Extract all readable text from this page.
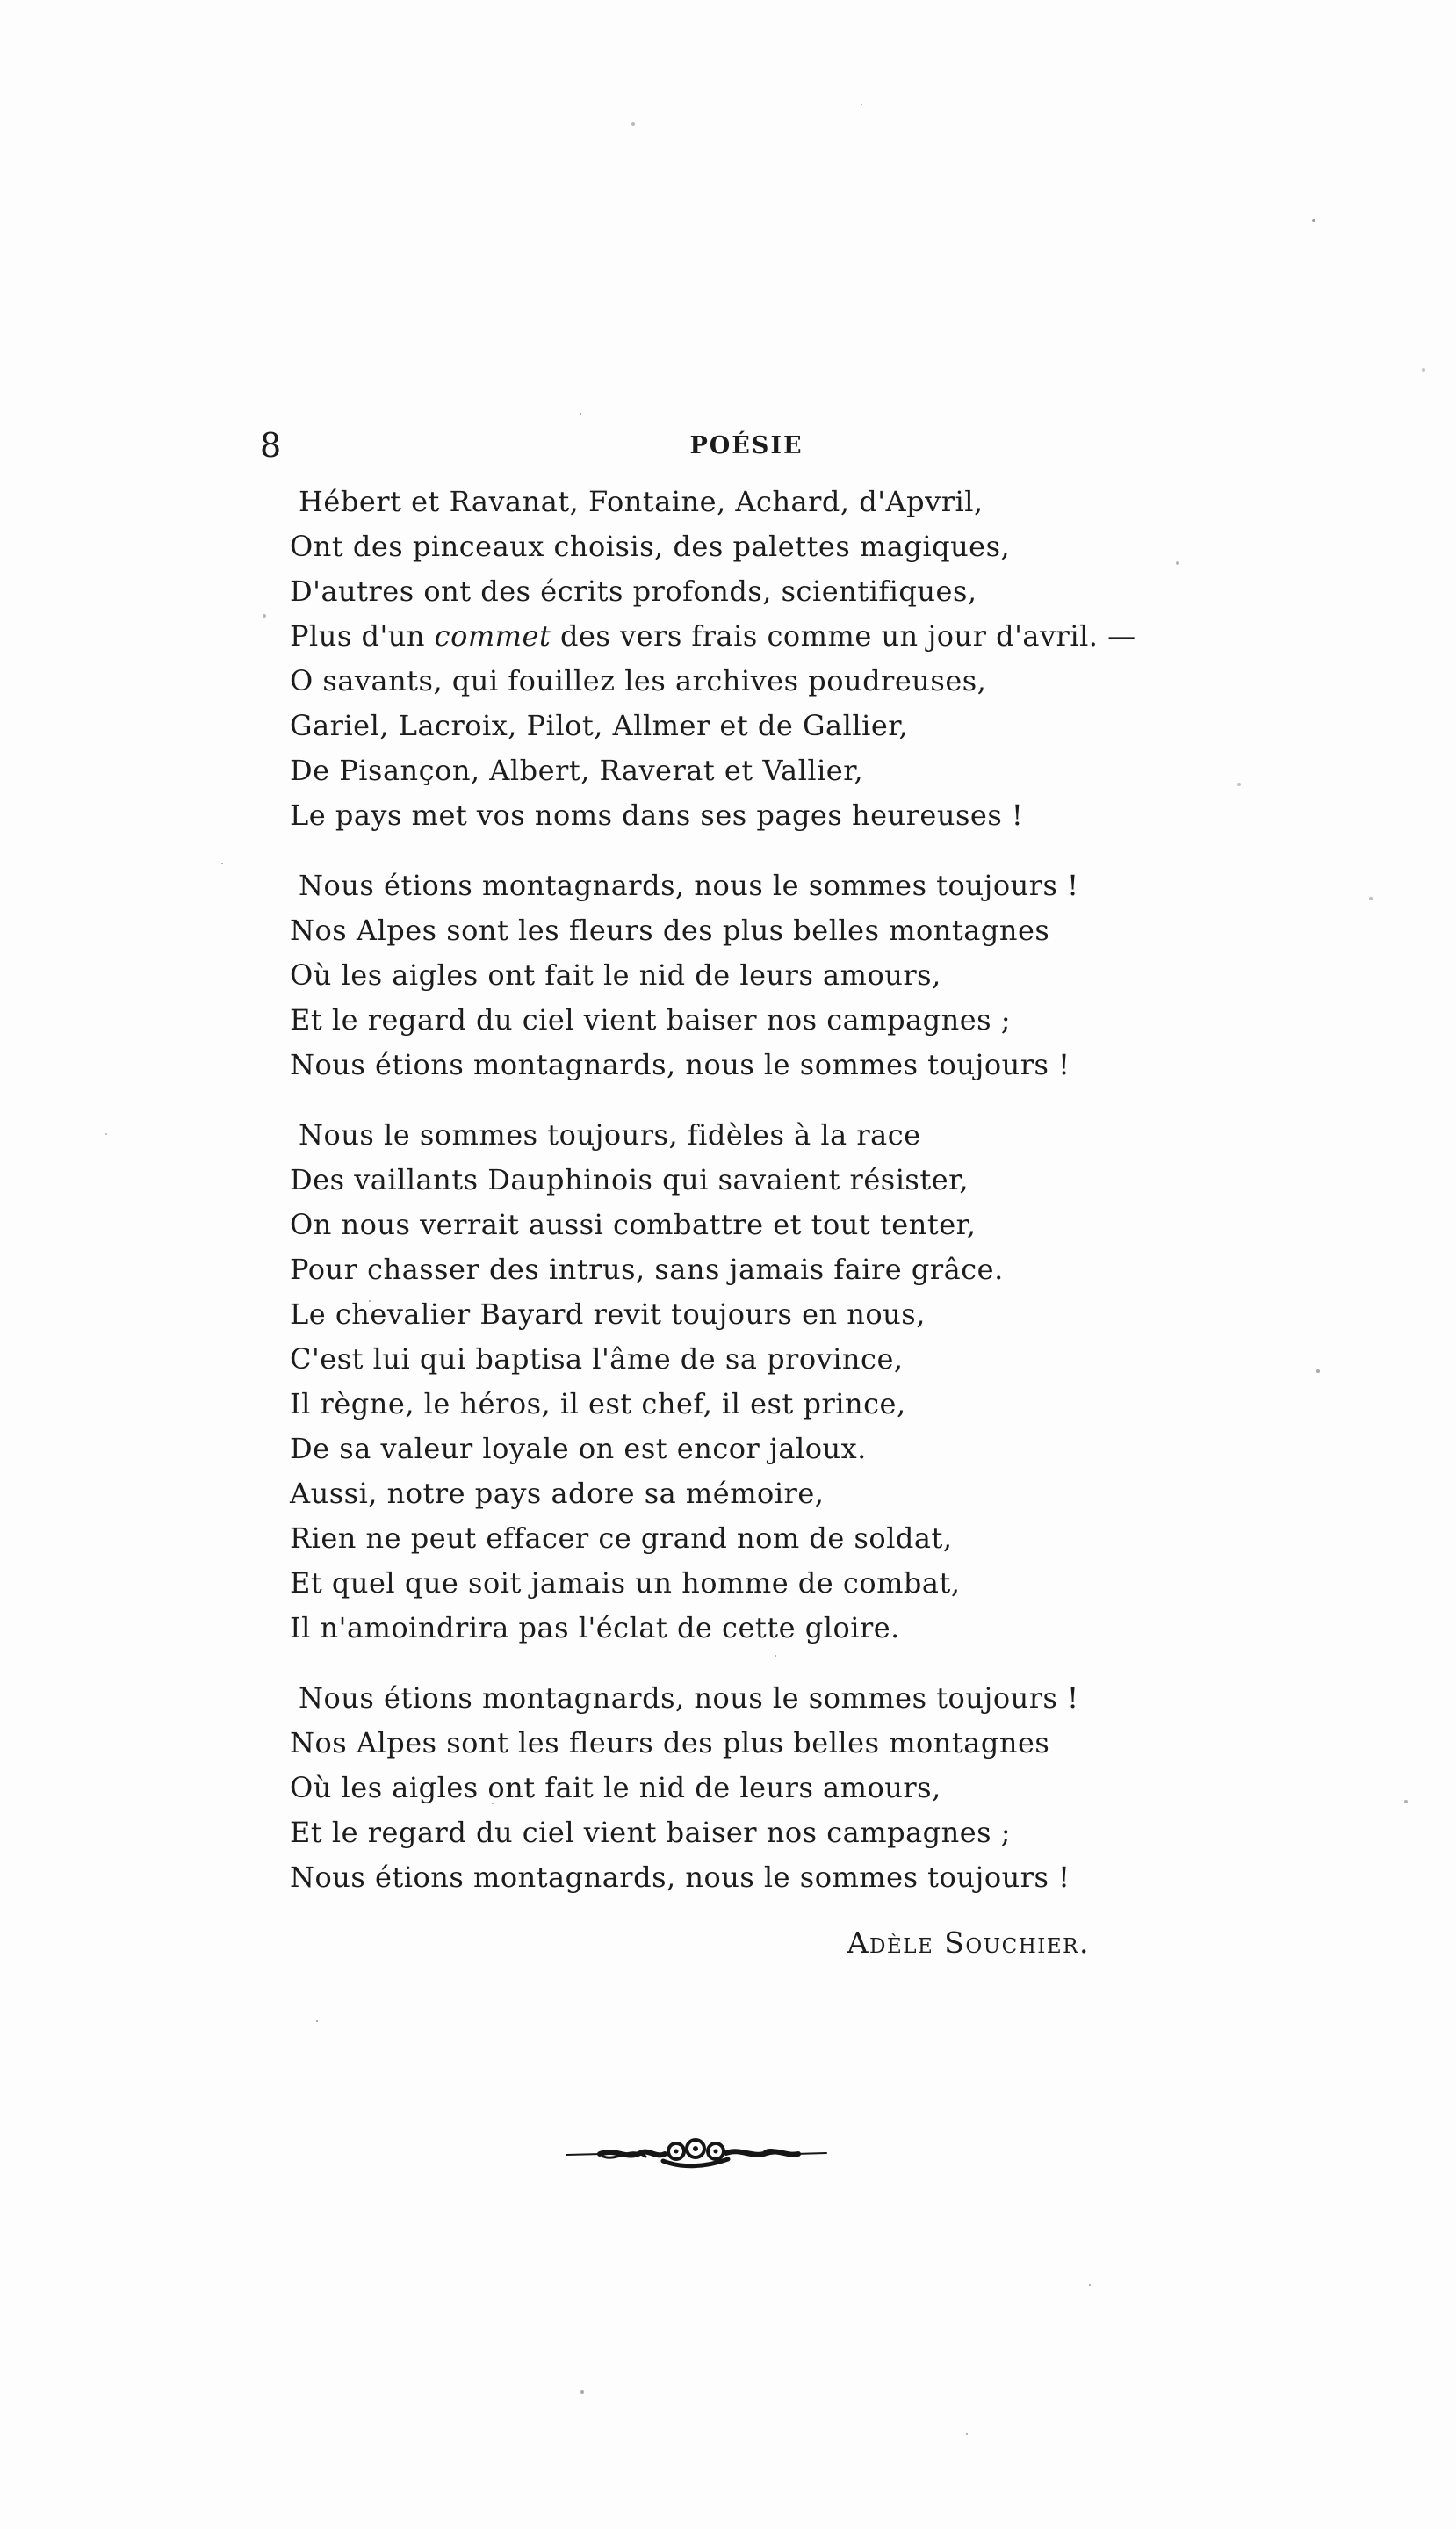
8	POÉSIE
Hébert et Ravanat, Fontaine, Achard, d'Apvril,
Ont des pinceaux choisis, des palettes magiques,
D'autres ont des écrits profonds, scientifiques,
Plus d'un commet des vers frais comme un jour d'avril. —
O savants, qui fouillez les archives poudreuses,
Gariel, Lacroix, Pilot, Allmer et de Gallier,
De Pisançon, Albert, Raverat et Vallier,
Le pays met vos noms dans ses pages heureuses !
Nous étions montagnards, nous le sommes toujours !
Nos Alpes sont les fleurs des plus belles montagnes
Où les aigles ont fait le nid de leurs amours,
Et le regard du ciel vient baiser nos campagnes ;
Nous étions montagnards, nous le sommes toujours !
Nous le sommes toujours, fidèles à la race
Des vaillants Dauphinois qui savaient résister,
On nous verrait aussi combattre et tout tenter,
Pour chasser des intrus, sans jamais faire grâce.
Le chevalier Bayard revit toujours en nous,
C'est lui qui baptisa l'âme de sa province,
Il règne, le héros, il est chef, il est prince,
De sa valeur loyale on est encor jaloux.
Aussi, notre pays adore sa mémoire,
Rien ne peut effacer ce grand nom de soldat,
Et quel que soit jamais un homme de combat,
Il n'amoindrira pas l'éclat de cette gloire.
Nous étions montagnards, nous le sommes toujours !
Nos Alpes sont les fleurs des plus belles montagnes
Où les aigles ont fait le nid de leurs amours,
Et le regard du ciel vient baiser nos campagnes ;
Nous étions montagnards, nous le sommes toujours !
Adèle Souchier.
